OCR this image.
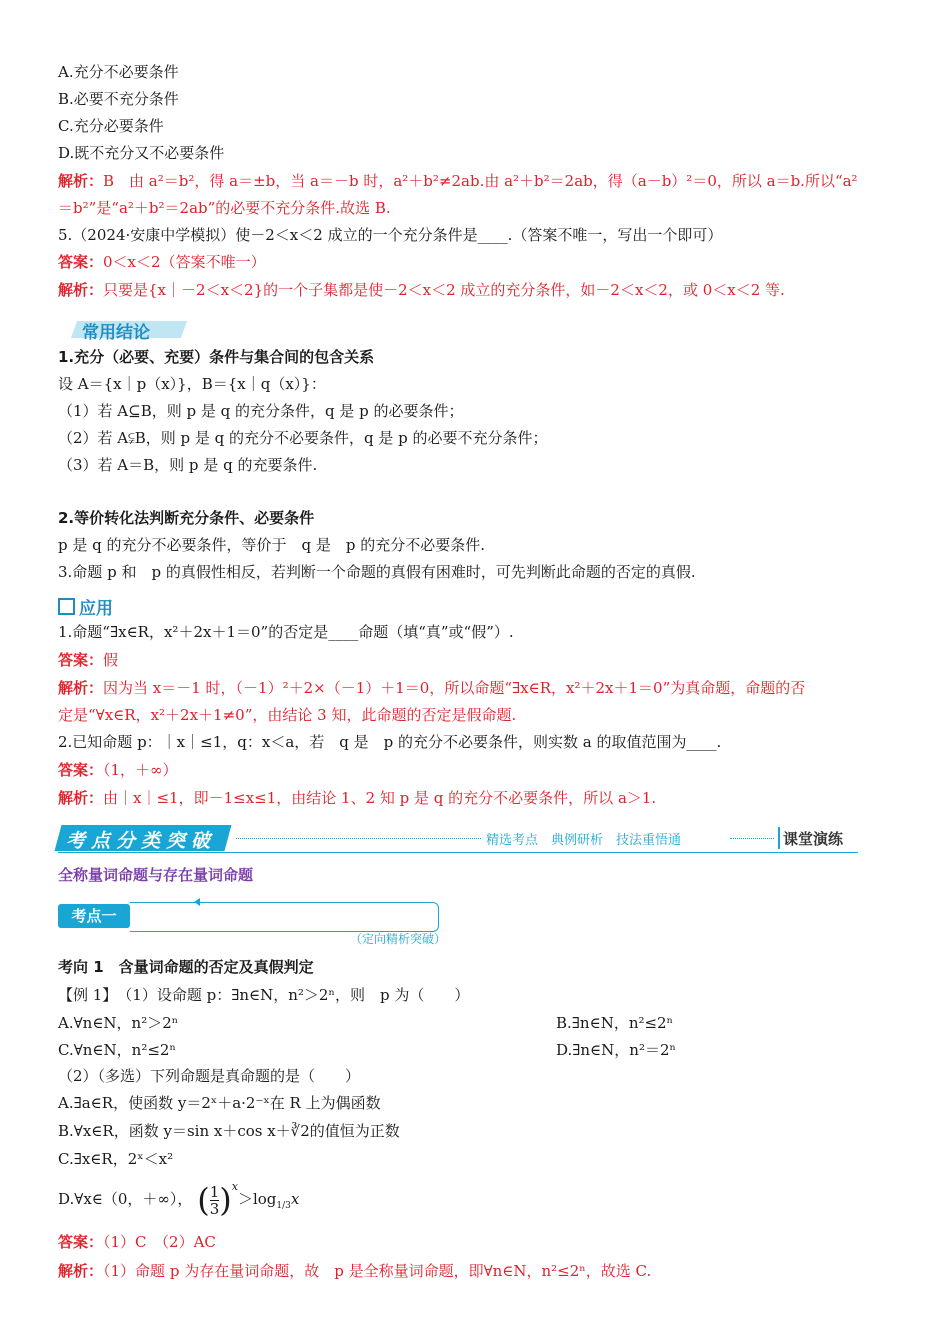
A.充分不必要条件
B.必要不充分条件
C.充分必要条件
D.既不充分又不必要条件
解析：B　由 a²＝b²，得 a＝±b，当 a＝－b 时，a²＋b²≠2ab.由 a²＋b²＝2ab，得（a－b）²＝0，所以 a＝b.所以“a²
＝b²”是“a²＋b²＝2ab”的必要不充分条件.故选 B.
5.（2024·安康中学模拟）使－2＜x＜2 成立的一个充分条件是____.（答案不唯一，写出一个即可）
答案：0＜x＜2（答案不唯一）
解析：只要是{x｜－2＜x＜2}的一个子集都是使－2＜x＜2 成立的充分条件，如－2＜x＜2，或 0＜x＜2 等.
常用结论
1.充分（必要、充要）条件与集合间的包含关系
设 A＝{x｜p（x）}，B＝{x｜q（x）}：
（1）若 A⊆B，则 p 是 q 的充分条件，q 是 p 的必要条件；
（2）若 A⫋B，则 p 是 q 的充分不必要条件，q 是 p 的必要不充分条件；
（3）若 A＝B，则 p 是 q 的充要条件.
2.等价转化法判断充分条件、必要条件
p 是 q 的充分不必要条件，等价于　q 是　p 的充分不必要条件.
3.命题 p 和　p 的真假性相反，若判断一个命题的真假有困难时，可先判断此命题的否定的真假.
应用
1.命题“∃x∈R，x²＋2x＋1＝0”的否定是____命题（填“真”或“假”）.
答案：假
解析：因为当 x＝－1 时，（－1）²＋2×（－1）＋1＝0，所以命题“∃x∈R，x²＋2x＋1＝0”为真命题，命题的否
定是“∀x∈R，x²＋2x＋1≠0”，由结论 3 知，此命题的否定是假命题.
2.已知命题 p：｜x｜≤1，q：x＜a，若　q 是　p 的充分不必要条件，则实数 a 的取值范围为____.
答案：（1，＋∞）
解析：由｜x｜≤1，即－1≤x≤1，由结论 1、2 知 p 是 q 的充分不必要条件，所以 a＞1.
考点分类突破	精选考点　典例研析　技法重悟通	课堂演练
全称量词命题与存在量词命题
考点一
（定向精析突破）
考向 1　含量词命题的否定及真假判定
【例 1】　（1）设命题 p：∃n∈N，n²＞2ⁿ，则　p 为（　　）
A.∀n∈N，n²＞2ⁿ	B.∃n∈N，n²≤2ⁿ
C.∀n∈N，n²≤2ⁿ	D.∃n∈N，n²＝2ⁿ
（2）（多选）下列命题是真命题的是（　　）
A.∃a∈R，使函数 y＝2ˣ＋a·2⁻ˣ在 R 上为偶函数
B.∀x∈R，函数 y＝sin x＋cos x＋∛2的值恒为正数
C.∃x∈R，2ˣ＜x²
D.∀x∈（0，＋∞）， ( $\frac{1}{3} )^x>\log_{1/3}x$
答案：（1）C　（2）AC
解析：（1）命题 p 为存在量词命题，故　p 是全称量词命题，即∀n∈N，n²≤2ⁿ，故选 C.
